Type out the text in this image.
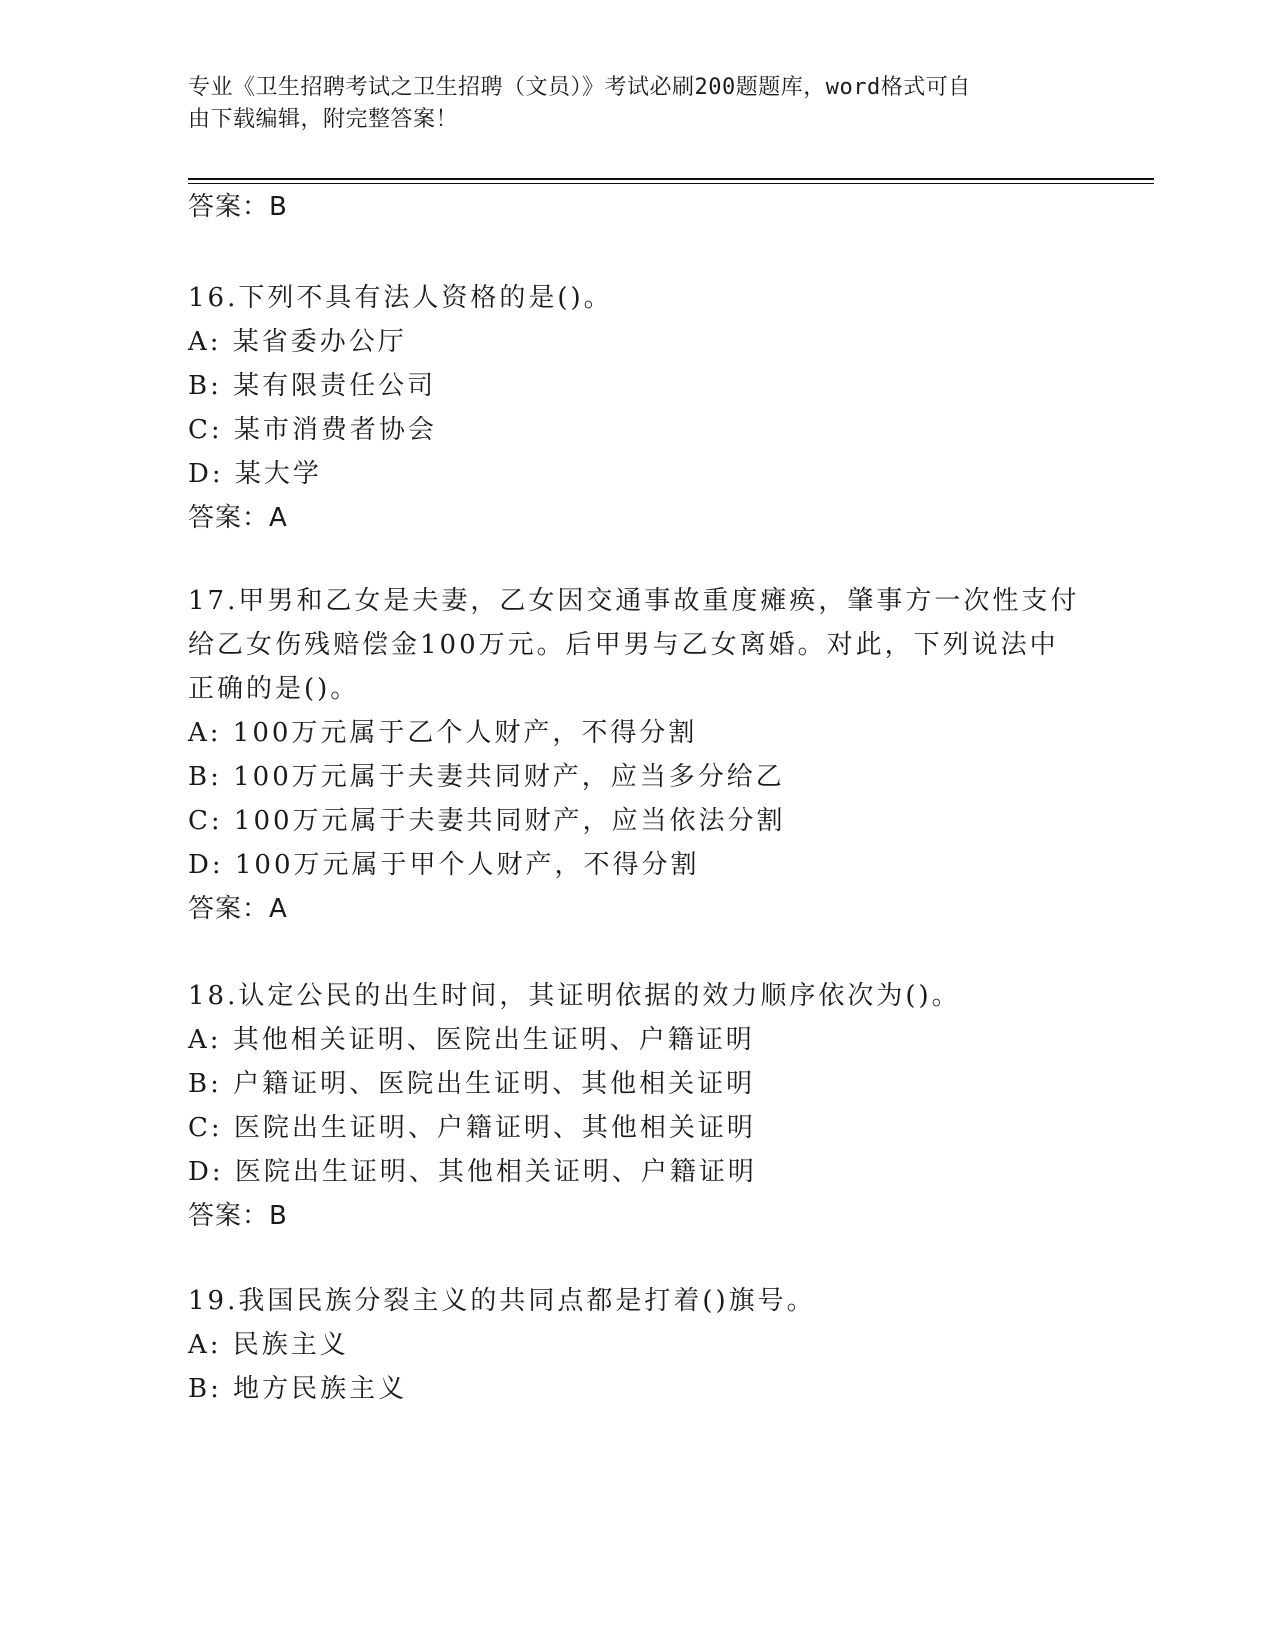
专业《卫生招聘考试之卫生招聘（文员）》考试必刷200题题库，word格式可自
由下载编辑，附完整答案！
答案：B
16.下列不具有法人资格的是()。
A: 某省委办公厅
B: 某有限责任公司
C: 某市消费者协会
D: 某大学
答案：A
17.甲男和乙女是夫妻，乙女因交通事故重度瘫痪，肇事方一次性支付
给乙女伤残赔偿金100万元。后甲男与乙女离婚。对此，下列说法中
正确的是()。
A: 100万元属于乙个人财产，不得分割
B: 100万元属于夫妻共同财产，应当多分给乙
C: 100万元属于夫妻共同财产，应当依法分割
D: 100万元属于甲个人财产，不得分割
答案：A
18.认定公民的出生时间，其证明依据的效力顺序依次为()。
A: 其他相关证明、医院出生证明、户籍证明
B: 户籍证明、医院出生证明、其他相关证明
C: 医院出生证明、户籍证明、其他相关证明
D: 医院出生证明、其他相关证明、户籍证明
答案：B
19.我国民族分裂主义的共同点都是打着()旗号。
A: 民族主义
B: 地方民族主义
